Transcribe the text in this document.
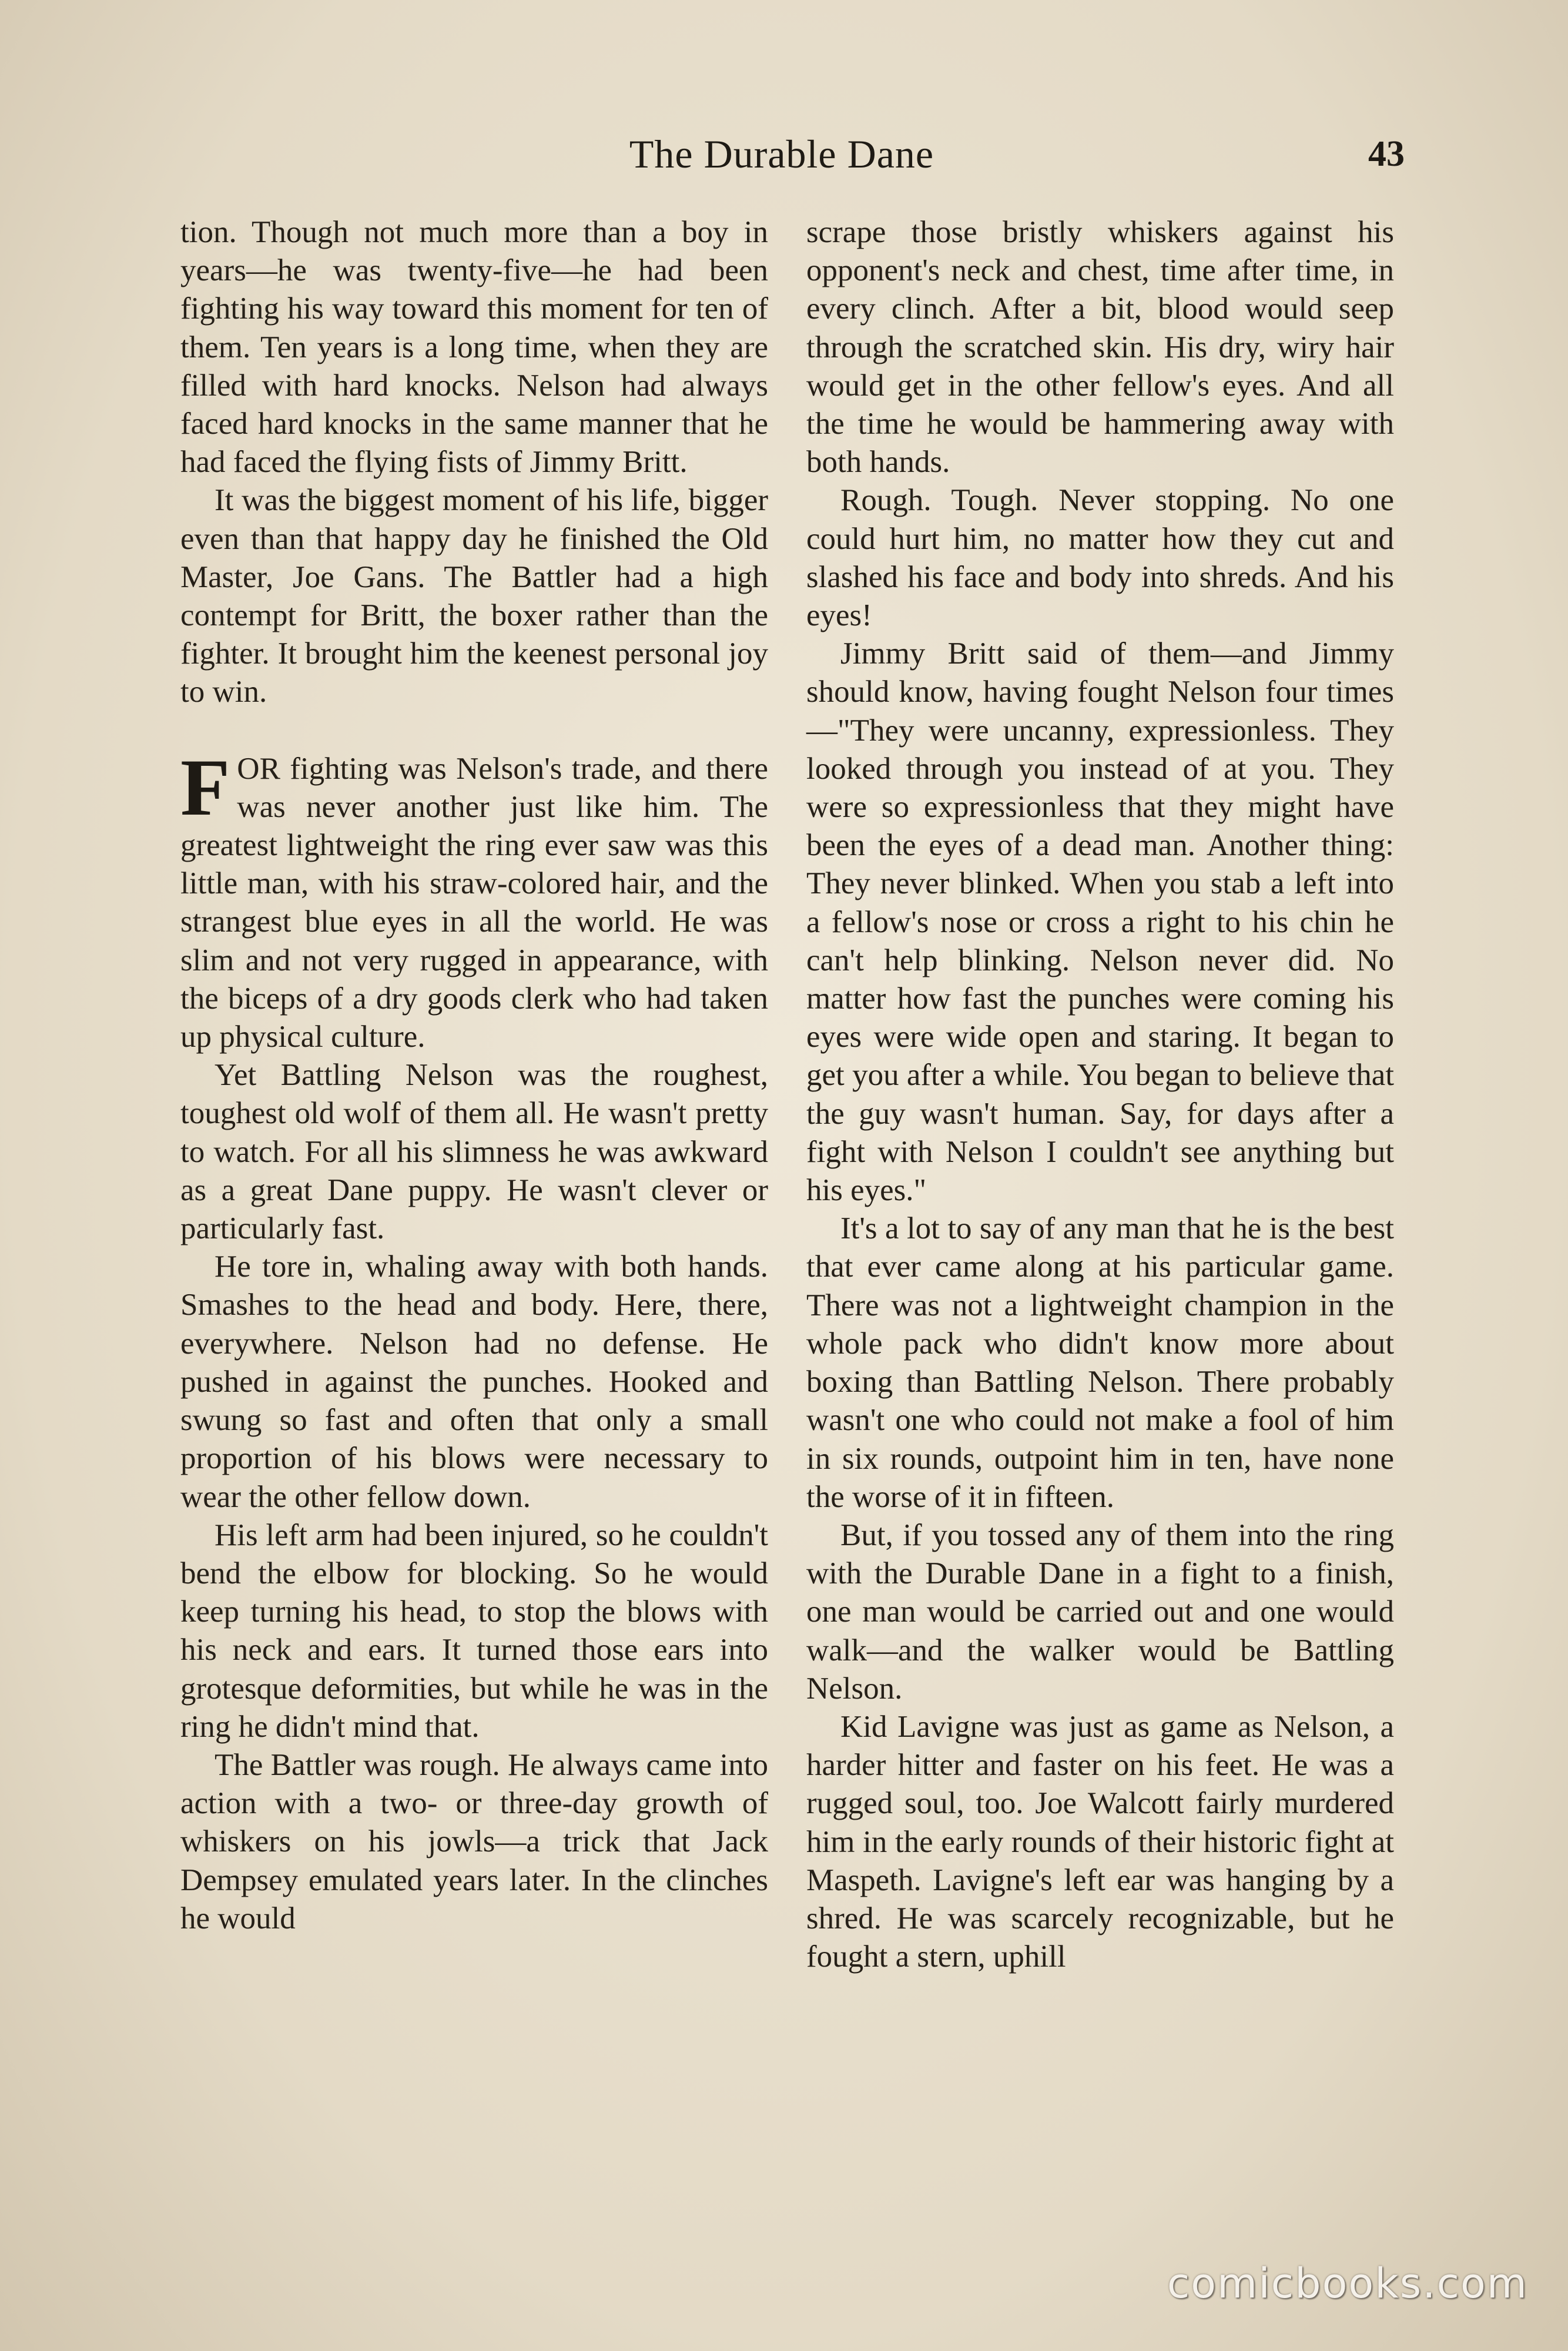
The Durable Dane	43

tion. Though not much more than a boy in years—he was twenty-five—he had been fighting his way toward this moment for ten of them. Ten years is a long time, when they are filled with hard knocks. Nelson had always faced hard knocks in the same manner that he had faced the flying fists of Jimmy Britt.

It was the biggest moment of his life, bigger even than that happy day he finished the Old Master, Joe Gans. The Battler had a high contempt for Britt, the boxer rather than the fighter. It brought him the keenest personal joy to win.

FOR fighting was Nelson's trade, and there was never another just like him. The greatest lightweight the ring ever saw was this little man, with his straw-colored hair, and the strangest blue eyes in all the world. He was slim and not very rugged in appearance, with the biceps of a dry goods clerk who had taken up physical culture.

Yet Battling Nelson was the roughest, toughest old wolf of them all. He wasn't pretty to watch. For all his slimness he was awkward as a great Dane puppy. He wasn't clever or particularly fast.

He tore in, whaling away with both hands. Smashes to the head and body. Here, there, everywhere. Nelson had no defense. He pushed in against the punches. Hooked and swung so fast and often that only a small proportion of his blows were necessary to wear the other fellow down.

His left arm had been injured, so he couldn't bend the elbow for blocking. So he would keep turning his head, to stop the blows with his neck and ears. It turned those ears into grotesque deformities, but while he was in the ring he didn't mind that.

The Battler was rough. He always came into action with a two- or three-day growth of whiskers on his jowls—a trick that Jack Dempsey emulated years later. In the clinches he would

scrape those bristly whiskers against his opponent's neck and chest, time after time, in every clinch. After a bit, blood would seep through the scratched skin. His dry, wiry hair would get in the other fellow's eyes. And all the time he would be hammering away with both hands.

Rough. Tough. Never stopping. No one could hurt him, no matter how they cut and slashed his face and body into shreds. And his eyes!

Jimmy Britt said of them—and Jimmy should know, having fought Nelson four times—"They were uncanny, expressionless. They looked through you instead of at you. They were so expressionless that they might have been the eyes of a dead man. Another thing: They never blinked. When you stab a left into a fellow's nose or cross a right to his chin he can't help blinking. Nelson never did. No matter how fast the punches were coming his eyes were wide open and staring. It began to get you after a while. You began to believe that the guy wasn't human. Say, for days after a fight with Nelson I couldn't see anything but his eyes."

It's a lot to say of any man that he is the best that ever came along at his particular game. There was not a lightweight champion in the whole pack who didn't know more about boxing than Battling Nelson. There probably wasn't one who could not make a fool of him in six rounds, outpoint him in ten, have none the worse of it in fifteen.

But, if you tossed any of them into the ring with the Durable Dane in a fight to a finish, one man would be carried out and one would walk—and the walker would be Battling Nelson.

Kid Lavigne was just as game as Nelson, a harder hitter and faster on his feet. He was a rugged soul, too. Joe Walcott fairly murdered him in the early rounds of their historic fight at Maspeth. Lavigne's left ear was hanging by a shred. He was scarcely recognizable, but he fought a stern, uphill

comicbooks.com
